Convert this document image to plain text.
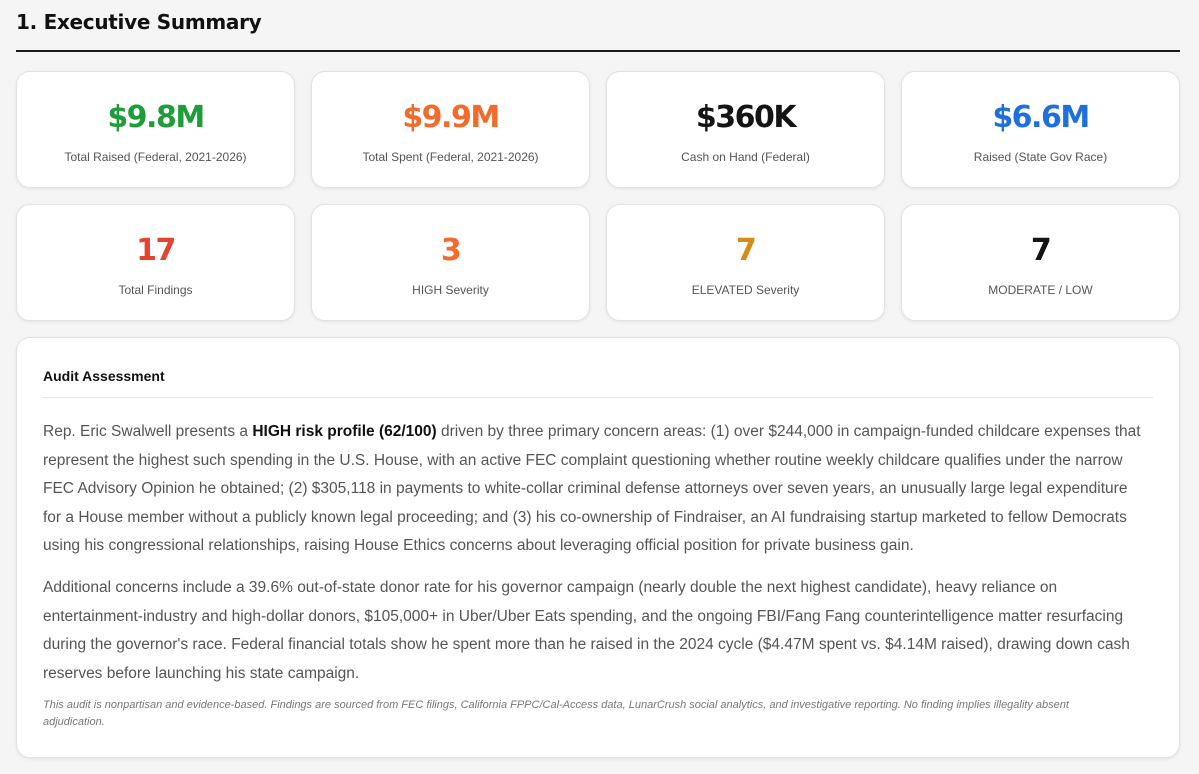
1. Executive Summary
$9.8M
Total Raised (Federal, 2021-2026)
$9.9M
Total Spent (Federal, 2021-2026)
$360K
Cash on Hand (Federal)
$6.6M
Raised (State Gov Race)
17
Total Findings
3
HIGH Severity
7
ELEVATED Severity
7
MODERATE / LOW
Audit Assessment
Rep. Eric Swalwell presents a HIGH risk profile (62/100) driven by three primary concern areas: (1) over $244,000 in campaign-funded childcare expenses that represent the highest such spending in the U.S. House, with an active FEC complaint questioning whether routine weekly childcare qualifies under the narrow FEC Advisory Opinion he obtained; (2) $305,118 in payments to white-collar criminal defense attorneys over seven years, an unusually large legal expenditure for a House member without a publicly known legal proceeding; and (3) his co-ownership of Findraiser, an AI fundraising startup marketed to fellow Democrats using his congressional relationships, raising House Ethics concerns about leveraging official position for private business gain.
Additional concerns include a 39.6% out-of-state donor rate for his governor campaign (nearly double the next highest candidate), heavy reliance on entertainment-industry and high-dollar donors, $105,000+ in Uber/Uber Eats spending, and the ongoing FBI/Fang Fang counterintelligence matter resurfacing during the governor's race. Federal financial totals show he spent more than he raised in the 2024 cycle ($4.47M spent vs. $4.14M raised), drawing down cash reserves before launching his state campaign.
This audit is nonpartisan and evidence-based. Findings are sourced from FEC filings, California FPPC/Cal-Access data, LunarCrush social analytics, and investigative reporting. No finding implies illegality absent adjudication.
